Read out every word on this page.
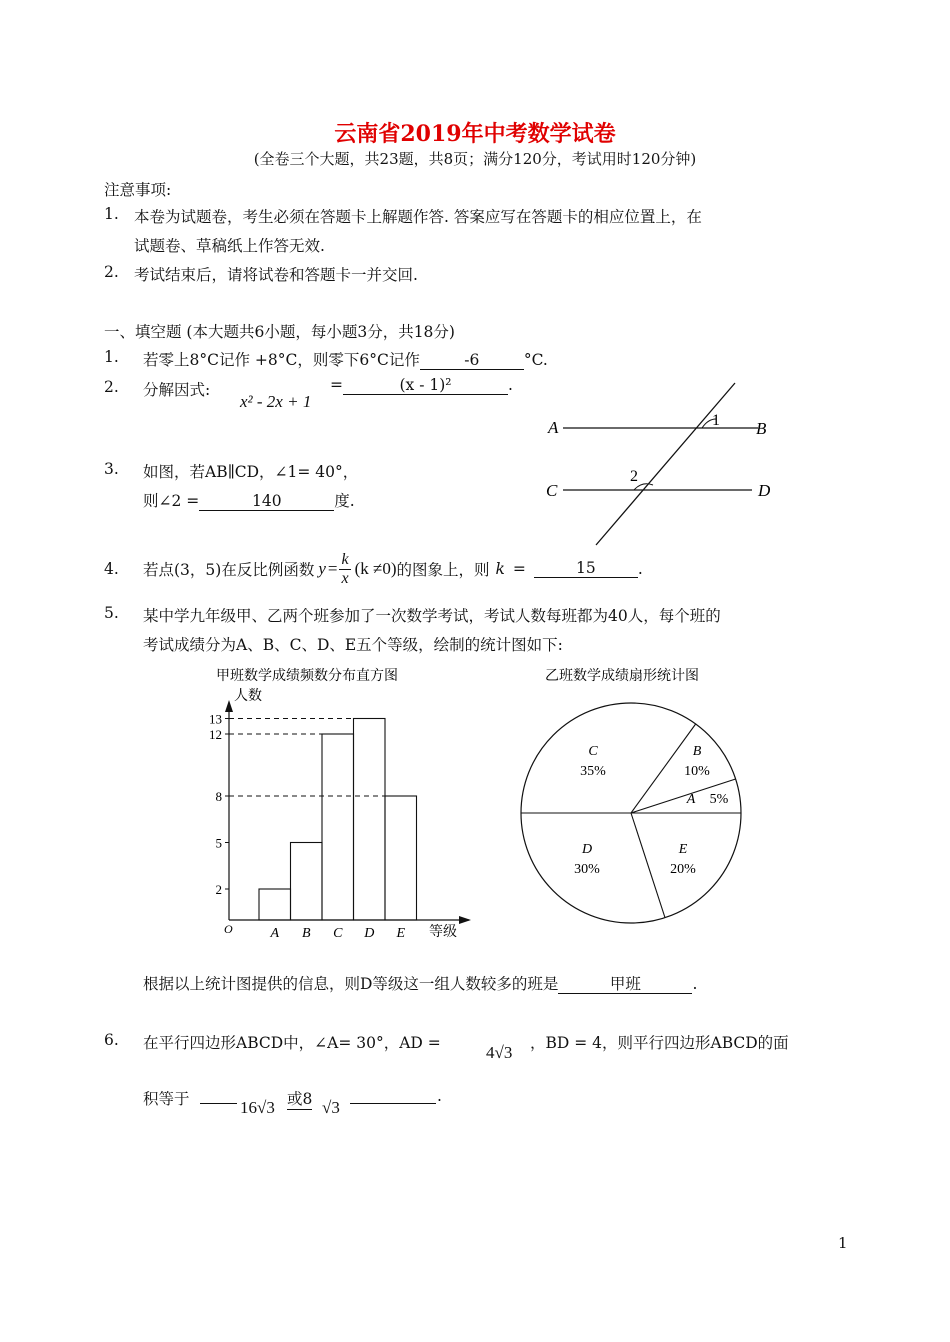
云南省2019年中考数学试卷
(全卷三个大题，共23题，共8页；满分120分，考试用时120分钟)
注意事项:
1. 本卷为试题卷，考生必须在答题卡上解题作答. 答案应写在答题卡的相应位置上，在
试题卷、草稿纸上作答无效.
2. 考试结束后，请将试卷和答题卡一并交回.
一、填空题 (本大题共6小题，每小题3分，共18分)
1. 若零上8°C记作 +8°C，则零下6°C记作	-6	°C.
2. 分解因式:
x² - 2x + 1
=	(x - 1)²	.
A	B
C	D
1
2
3. 如图，若AB∥CD，∠1= 40°，
则∠2 =	140	度.
4. 若点(3，5)在反比例函数 $y = \frac{k}{x} (k \ne 0)$ 的图象上，则 k =	15	.
5. 某中学九年级甲、乙两个班参加了一次数学考试，考试人数每班都为40人，每个班的
考试成绩分为A、B、C、D、E五个等级，绘制的统计图如下:
甲班数学成绩频数分布直方图
人数
A B C D E
2
5
8
12
13
O	等级
乙班数学成绩扇形统计图
A 5%
B
10%
C
35%
D
30%
E
20%
根据以上统计图提供的信息，则D等级这一组人数较多的班是	甲班	.
6. 在平行四边形ABCD中，∠A= 30°，AD =	4√3 ，BD = 4，则平行四边形ABCD的面
积等于	16√3 或8 √3
.
1
